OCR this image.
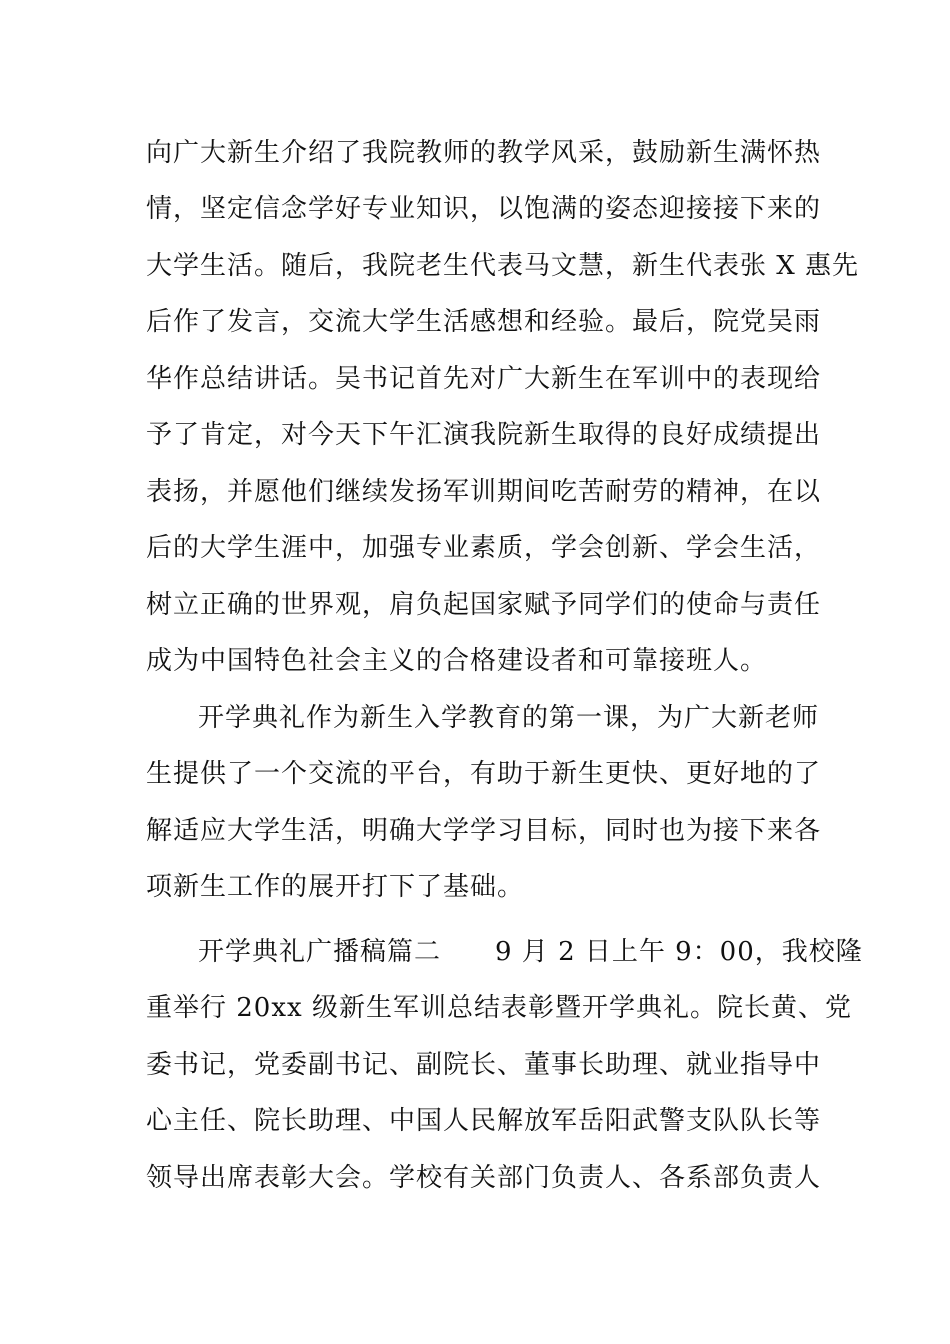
向广大新生介绍了我院教师的教学风采，鼓励新生满怀热
情，坚定信念学好专业知识，以饱满的姿态迎接接下来的
大学生活。随后，我院老生代表马文慧，新生代表张 X 惠先
后作了发言，交流大学生活感想和经验。最后，院党吴雨
华作总结讲话。吴书记首先对广大新生在军训中的表现给
予了肯定，对今天下午汇演我院新生取得的良好成绩提出
表扬，并愿他们继续发扬军训期间吃苦耐劳的精神，在以
后的大学生涯中，加强专业素质，学会创新、学会生活，
树立正确的世界观，肩负起国家赋予同学们的使命与责任
成为中国特色社会主义的合格建设者和可靠接班人。
开学典礼作为新生入学教育的第一课，为广大新老师
生提供了一个交流的平台，有助于新生更快、更好地的了
解适应大学生活，明确大学学习目标，同时也为接下来各
项新生工作的展开打下了基础。
开学典礼广播稿篇二　　9 月 2 日上午 9：00，我校隆
重举行 20xx 级新生军训总结表彰暨开学典礼。院长黄、党
委书记，党委副书记、副院长、董事长助理、就业指导中
心主任、院长助理、中国人民解放军岳阳武警支队队长等
领导出席表彰大会。学校有关部门负责人、各系部负责人
